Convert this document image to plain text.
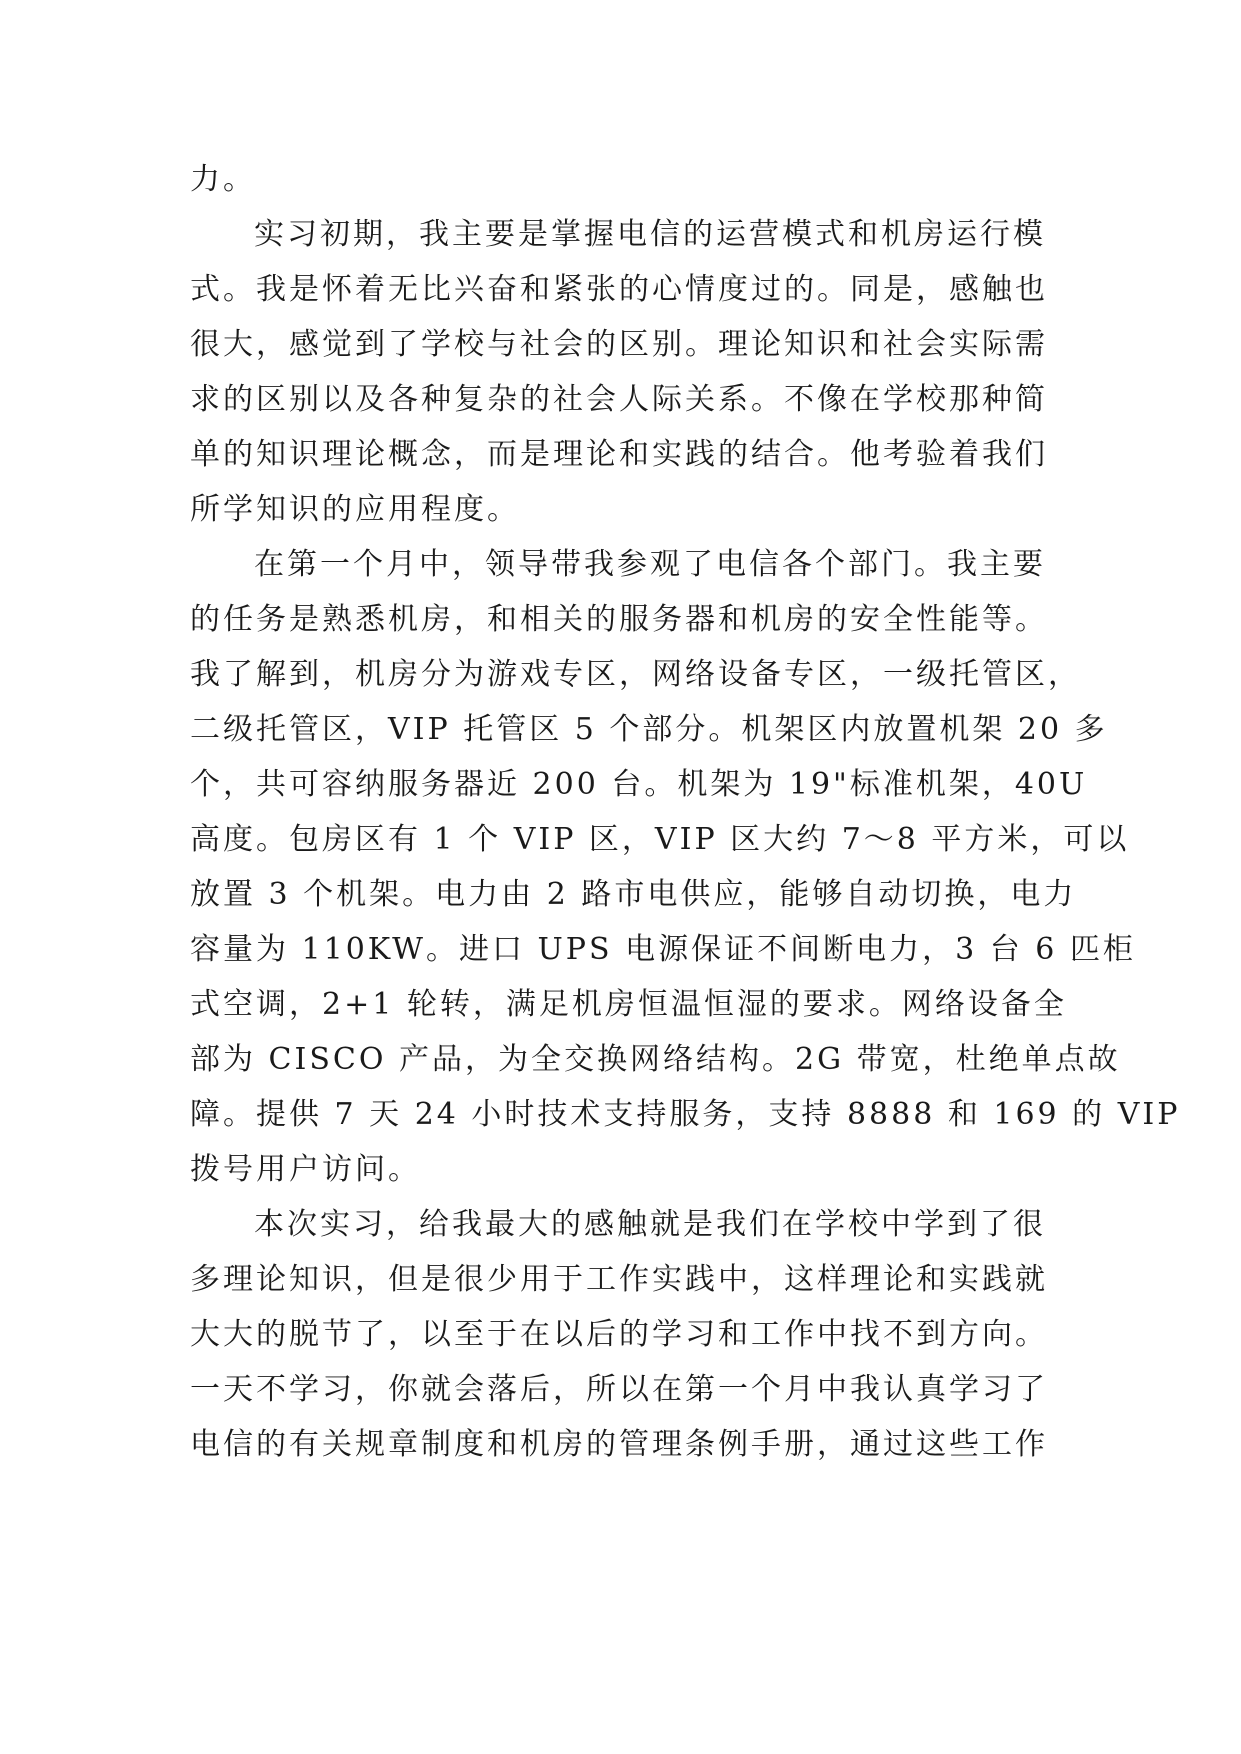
力。
实习初期，我主要是掌握电信的运营模式和机房运行模
式。我是怀着无比兴奋和紧张的心情度过的。同是，感触也
很大，感觉到了学校与社会的区别。理论知识和社会实际需
求的区别以及各种复杂的社会人际关系。不像在学校那种简
单的知识理论概念，而是理论和实践的结合。他考验着我们
所学知识的应用程度。
在第一个月中，领导带我参观了电信各个部门。我主要
的任务是熟悉机房，和相关的服务器和机房的安全性能等。
我了解到，机房分为游戏专区，网络设备专区，一级托管区，
二级托管区，VIP 托管区 5 个部分。机架区内放置机架 20 多
个，共可容纳服务器近 200 台。机架为 19"标准机架，40U
高度。包房区有 1 个 VIP 区，VIP 区大约 7～8 平方米，可以
放置 3 个机架。电力由 2 路市电供应，能够自动切换，电力
容量为 110KW。进口 UPS 电源保证不间断电力，3 台 6 匹柜
式空调，2+1 轮转，满足机房恒温恒湿的要求。网络设备全
部为 CISCO 产品，为全交换网络结构。2G 带宽，杜绝单点故
障。提供 7 天 24 小时技术支持服务，支持 8888 和 169 的 VIP
拨号用户访问。
本次实习，给我最大的感触就是我们在学校中学到了很
多理论知识，但是很少用于工作实践中，这样理论和实践就
大大的脱节了，以至于在以后的学习和工作中找不到方向。
一天不学习，你就会落后，所以在第一个月中我认真学习了
电信的有关规章制度和机房的管理条例手册，通过这些工作
